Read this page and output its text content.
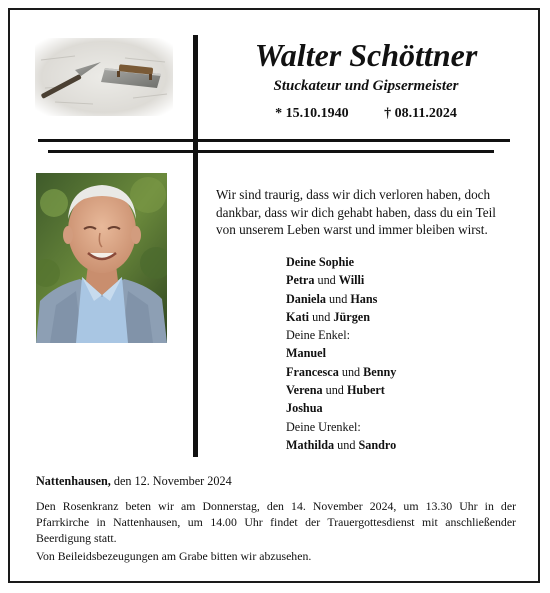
Walter Schöttner
Stuckateur und Gipsermeister
* 15.10.1940	† 08.11.2024
Wir sind traurig, dass wir dich verloren haben, doch
dankbar, dass wir dich gehabt haben, dass du ein Teil
von unserem Leben warst und immer bleiben wirst.
Deine Sophie
Petra und Willi
Daniela und Hans
Kati und Jürgen
Deine Enkel:
Manuel
Francesca und Benny
Verena und Hubert
Joshua
Deine Urenkel:
Mathilda und Sandro
Nattenhausen, den 12. November 2024
Den Rosenkranz beten wir am Donnerstag, den 14. November 2024, um 13.30 Uhr in der
Pfarrkirche in Nattenhausen, um 14.00 Uhr findet der Trauergottesdienst mit anschließender
Beerdigung statt.
Von Beileidsbezeugungen am Grabe bitten wir abzusehen.
